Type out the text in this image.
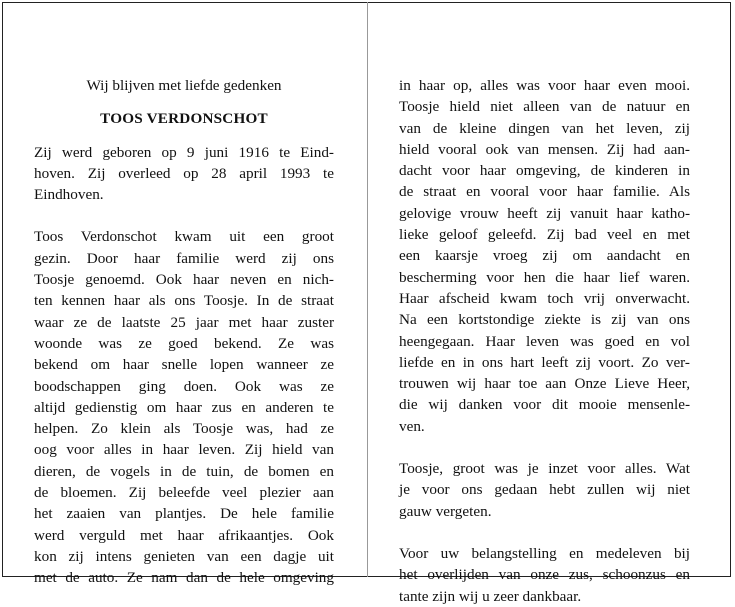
Wij blijven met liefde gedenken
TOOS VERDONSCHOT

Zij werd geboren op 9 juni 1916 te Eind-
hoven. Zij overleed op 28 april 1993 te
Eindhoven.

Toos Verdonschot kwam uit een groot
gezin. Door haar familie werd zij ons
Toosje genoemd. Ook haar neven en nich-
ten kennen haar als ons Toosje. In de straat
waar ze de laatste 25 jaar met haar zuster
woonde was ze goed bekend. Ze was
bekend om haar snelle lopen wanneer ze
boodschappen ging doen. Ook was ze
altijd gedienstig om haar zus en anderen te
helpen. Zo klein als Toosje was, had ze
oog voor alles in haar leven. Zij hield van
dieren, de vogels in de tuin, de bomen en
de bloemen. Zij beleefde veel plezier aan
het zaaien van plantjes. De hele familie
werd verguld met haar afrikaantjes. Ook
kon zij intens genieten van een dagje uit
met de auto. Ze nam dan de hele omgeving

in haar op, alles was voor haar even mooi.
Toosje hield niet alleen van de natuur en
van de kleine dingen van het leven, zij
hield vooral ook van mensen. Zij had aan-
dacht voor haar omgeving, de kinderen in
de straat en vooral voor haar familie. Als
gelovige vrouw heeft zij vanuit haar katho-
lieke geloof geleefd. Zij bad veel en met
een kaarsje vroeg zij om aandacht en
bescherming voor hen die haar lief waren.
Haar afscheid kwam toch vrij onverwacht.
Na een kortstondige ziekte is zij van ons
heengegaan. Haar leven was goed en vol
liefde en in ons hart leeft zij voort. Zo ver-
trouwen wij haar toe aan Onze Lieve Heer,
die wij danken voor dit mooie mensenle-
ven.

Toosje, groot was je inzet voor alles. Wat
je voor ons gedaan hebt zullen wij niet
gauw vergeten.

Voor uw belangstelling en medeleven bij
het overlijden van onze zus, schoonzus en
tante zijn wij u zeer dankbaar.
